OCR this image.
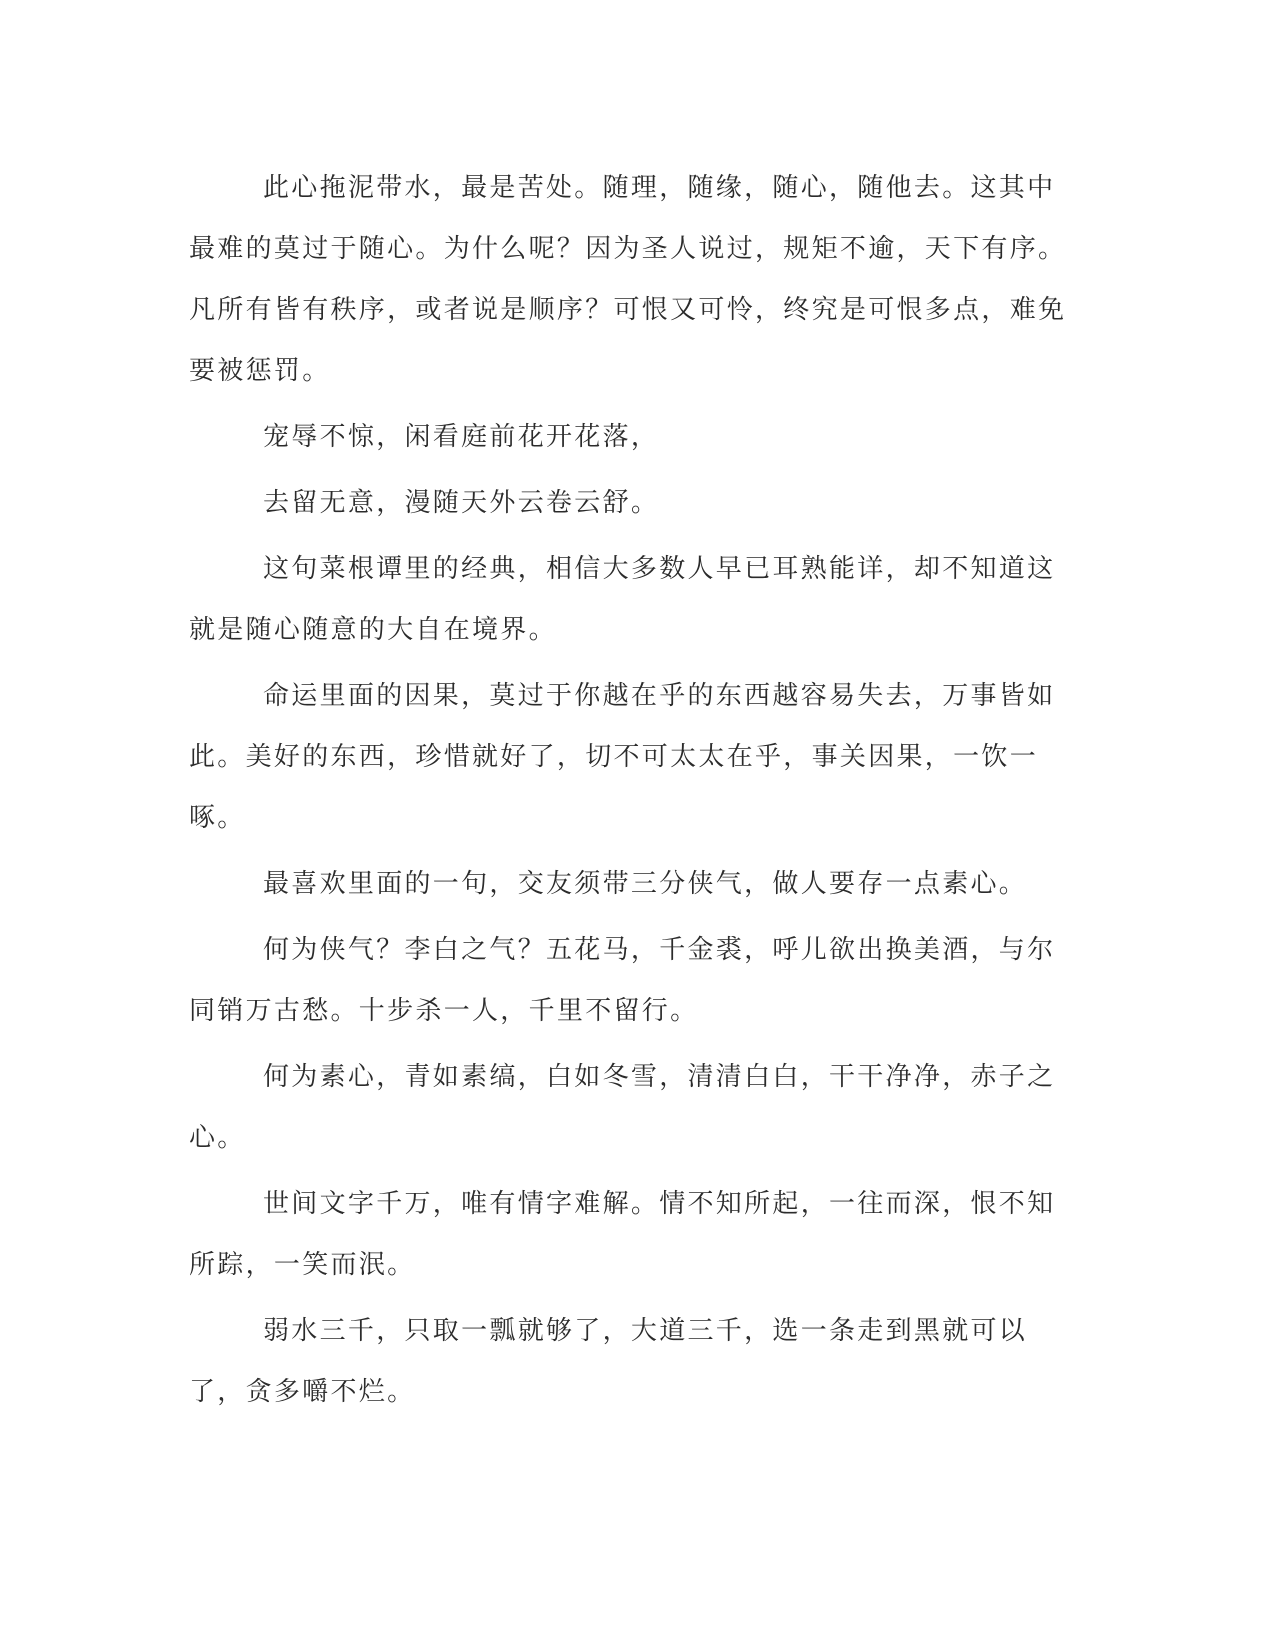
此心拖泥带水，最是苦处。随理，随缘，随心，随他去。这其中最难的莫过于随心。为什么呢？因为圣人说过，规矩不逾，天下有序。凡所有皆有秩序，或者说是顺序？可恨又可怜，终究是可恨多点，难免要被惩罚。

宠辱不惊，闲看庭前花开花落，

去留无意，漫随天外云卷云舒。

这句菜根谭里的经典，相信大多数人早已耳熟能详，却不知道这就是随心随意的大自在境界。

命运里面的因果，莫过于你越在乎的东西越容易失去，万事皆如此。美好的东西，珍惜就好了，切不可太太在乎，事关因果，一饮一啄。

最喜欢里面的一句，交友须带三分侠气，做人要存一点素心。

何为侠气？李白之气？五花马，千金裘，呼儿欲出换美酒，与尔同销万古愁。十步杀一人，千里不留行。

何为素心，青如素缟，白如冬雪，清清白白，干干净净，赤子之心。

世间文字千万，唯有情字难解。情不知所起，一往而深，恨不知所踪，一笑而泯。

弱水三千，只取一瓢就够了，大道三千，选一条走到黑就可以了，贪多嚼不烂。
